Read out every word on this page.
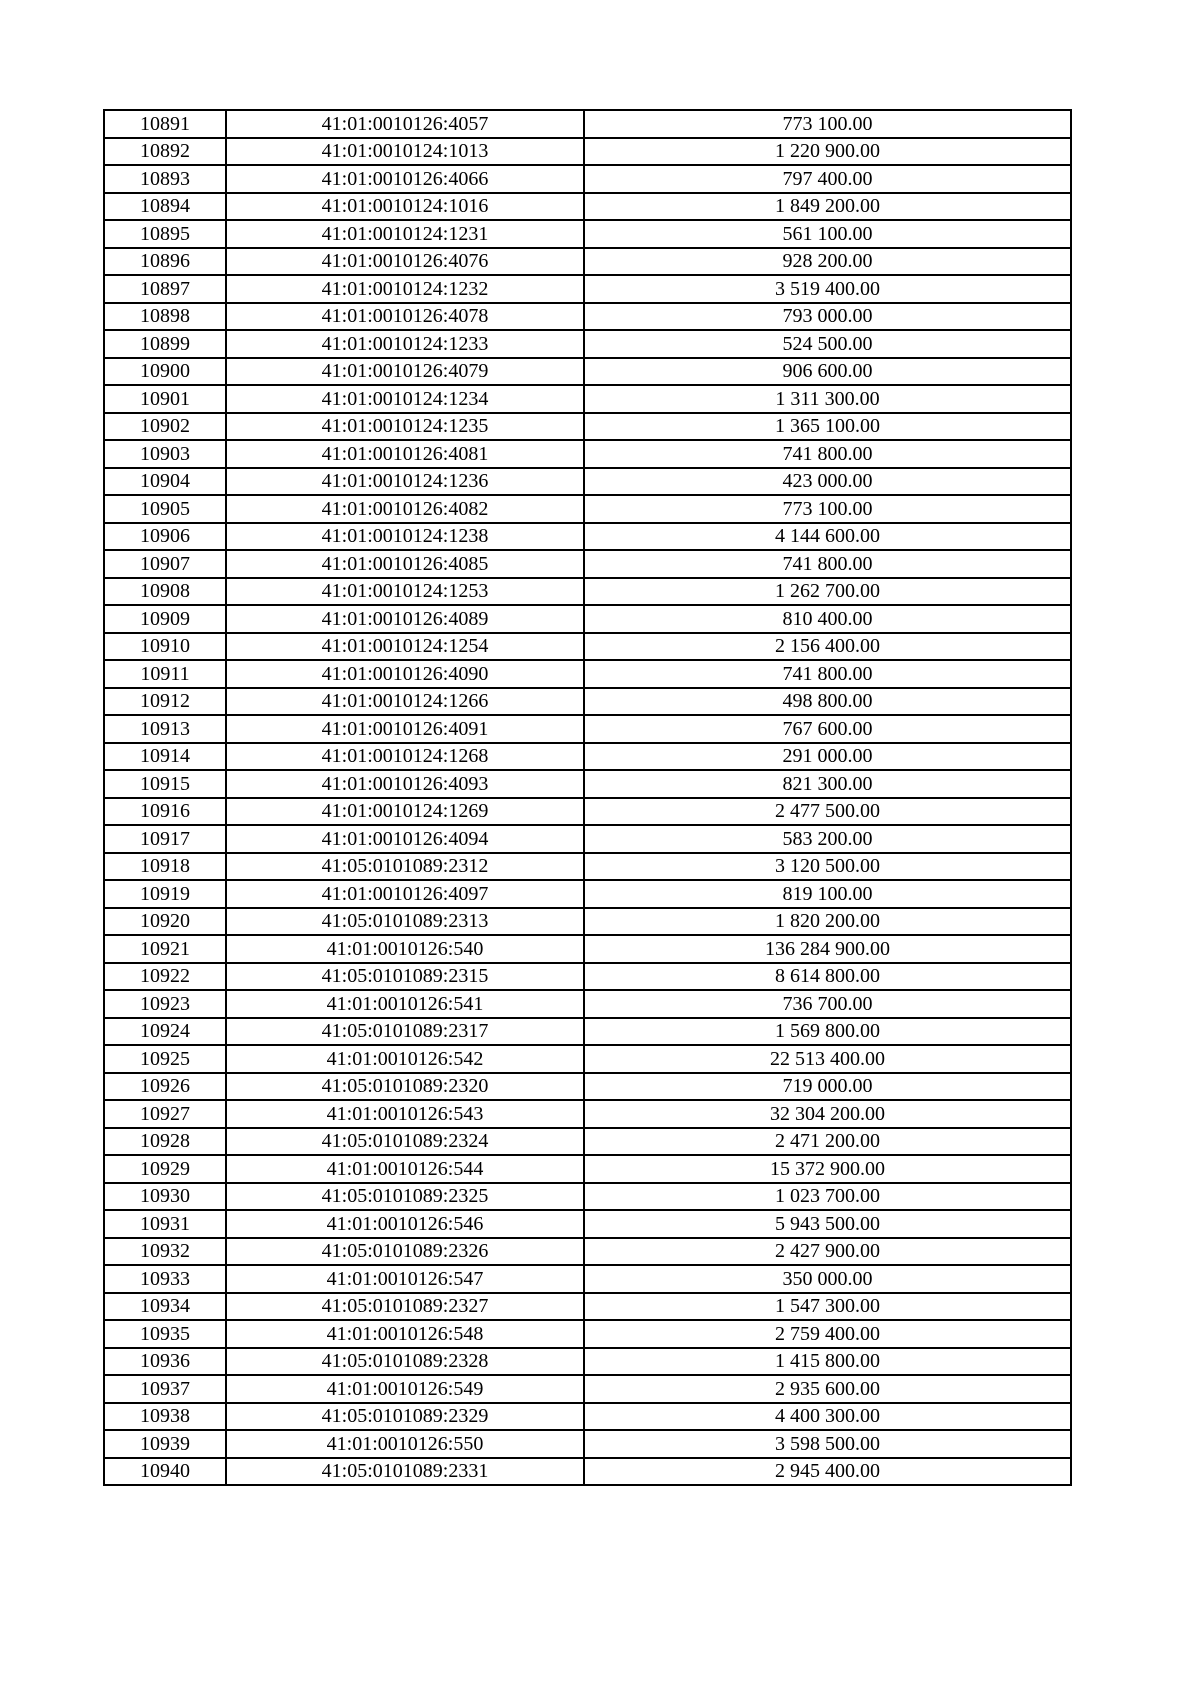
10891	41:01:0010126:4057	773 100.00
10892	41:01:0010124:1013	1 220 900.00
10893	41:01:0010126:4066	797 400.00
10894	41:01:0010124:1016	1 849 200.00
10895	41:01:0010124:1231	561 100.00
10896	41:01:0010126:4076	928 200.00
10897	41:01:0010124:1232	3 519 400.00
10898	41:01:0010126:4078	793 000.00
10899	41:01:0010124:1233	524 500.00
10900	41:01:0010126:4079	906 600.00
10901	41:01:0010124:1234	1 311 300.00
10902	41:01:0010124:1235	1 365 100.00
10903	41:01:0010126:4081	741 800.00
10904	41:01:0010124:1236	423 000.00
10905	41:01:0010126:4082	773 100.00
10906	41:01:0010124:1238	4 144 600.00
10907	41:01:0010126:4085	741 800.00
10908	41:01:0010124:1253	1 262 700.00
10909	41:01:0010126:4089	810 400.00
10910	41:01:0010124:1254	2 156 400.00
10911	41:01:0010126:4090	741 800.00
10912	41:01:0010124:1266	498 800.00
10913	41:01:0010126:4091	767 600.00
10914	41:01:0010124:1268	291 000.00
10915	41:01:0010126:4093	821 300.00
10916	41:01:0010124:1269	2 477 500.00
10917	41:01:0010126:4094	583 200.00
10918	41:05:0101089:2312	3 120 500.00
10919	41:01:0010126:4097	819 100.00
10920	41:05:0101089:2313	1 820 200.00
10921	41:01:0010126:540	136 284 900.00
10922	41:05:0101089:2315	8 614 800.00
10923	41:01:0010126:541	736 700.00
10924	41:05:0101089:2317	1 569 800.00
10925	41:01:0010126:542	22 513 400.00
10926	41:05:0101089:2320	719 000.00
10927	41:01:0010126:543	32 304 200.00
10928	41:05:0101089:2324	2 471 200.00
10929	41:01:0010126:544	15 372 900.00
10930	41:05:0101089:2325	1 023 700.00
10931	41:01:0010126:546	5 943 500.00
10932	41:05:0101089:2326	2 427 900.00
10933	41:01:0010126:547	350 000.00
10934	41:05:0101089:2327	1 547 300.00
10935	41:01:0010126:548	2 759 400.00
10936	41:05:0101089:2328	1 415 800.00
10937	41:01:0010126:549	2 935 600.00
10938	41:05:0101089:2329	4 400 300.00
10939	41:01:0010126:550	3 598 500.00
10940	41:05:0101089:2331	2 945 400.00
